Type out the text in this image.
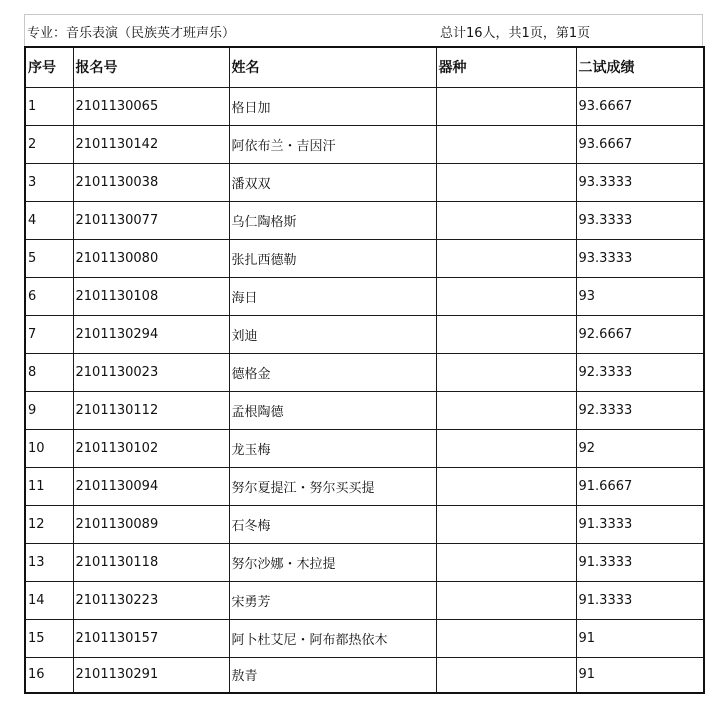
专业：音乐表演（民族英才班声乐）	总计16人，共1页，第1页
序号	报名号	姓名	器种	二试成绩
1	2101130065	格日加		93.6667
2	2101130142	阿依布兰・吉因汗		93.6667
3	2101130038	潘双双		93.3333
4	2101130077	乌仁陶格斯		93.3333
5	2101130080	张扎西德勒		93.3333
6	2101130108	海日		93
7	2101130294	刘迪		92.6667
8	2101130023	德格金		92.3333
9	2101130112	孟根陶德		92.3333
10	2101130102	龙玉梅		92
11	2101130094	努尔夏提江・努尔买买提		91.6667
12	2101130089	石冬梅		91.3333
13	2101130118	努尔沙娜・木拉提		91.3333
14	2101130223	宋勇芳		91.3333
15	2101130157	阿卜杜艾尼・阿布都热依木		91
16	2101130291	敖青		91
